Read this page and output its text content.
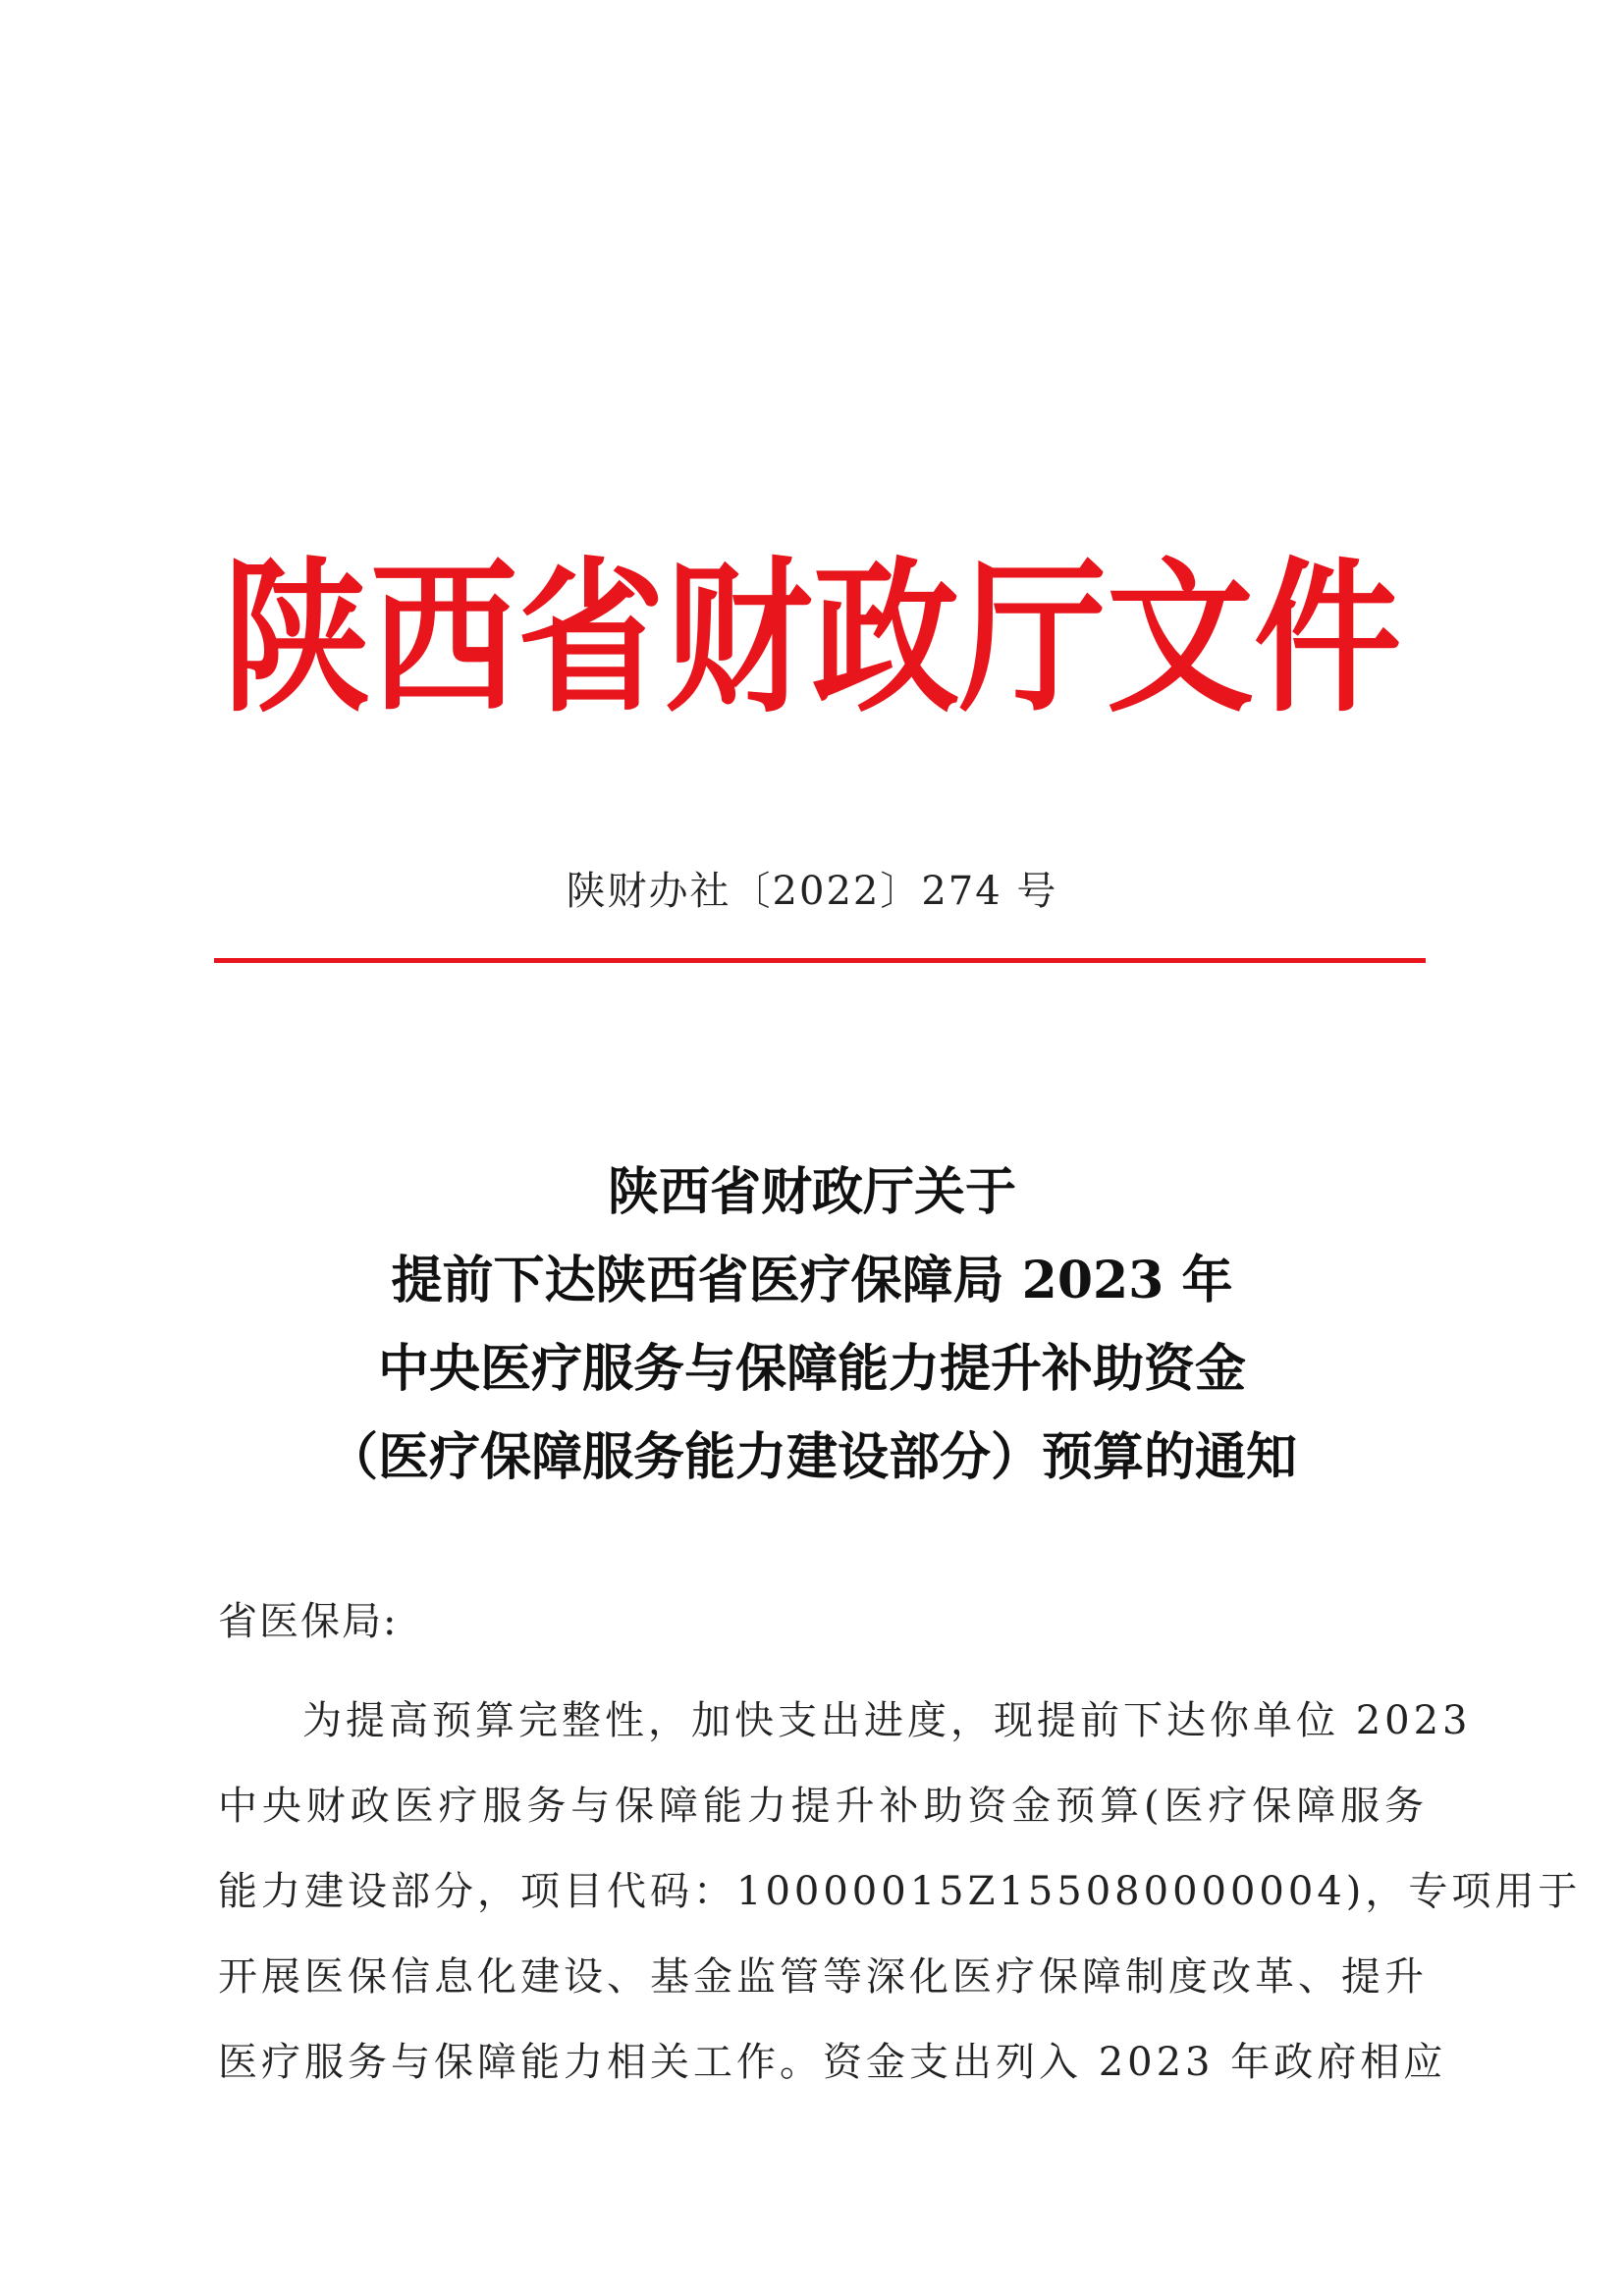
陕西省财政厅文件
陕财办社〔2022〕274 号
陕西省财政厅关于
提前下达陕西省医疗保障局 2023 年
中央医疗服务与保障能力提升补助资金
（医疗保障服务能力建设部分）预算的通知
省医保局:
为提高预算完整性，加快支出进度，现提前下达你单位 2023
中央财政医疗服务与保障能力提升补助资金预算(医疗保障服务
能力建设部分，项目代码：10000015Z155080000004)，专项用于
开展医保信息化建设、基金监管等深化医疗保障制度改革、提升
医疗服务与保障能力相关工作。资金支出列入 2023 年政府相应
